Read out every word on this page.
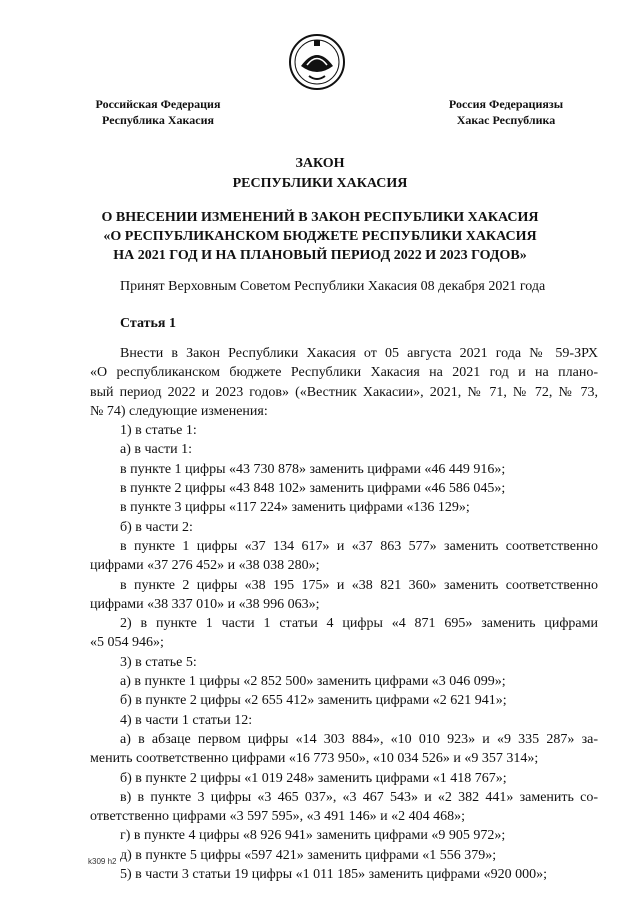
Российская Федерация
Республика Хакасия
Россия Федерациязы
Хакас Республика
ЗАКОН
РЕСПУБЛИКИ ХАКАСИЯ
О ВНЕСЕНИИ ИЗМЕНЕНИЙ В ЗАКОН РЕСПУБЛИКИ ХАКАСИЯ
«О РЕСПУБЛИКАНСКОМ БЮДЖЕТЕ РЕСПУБЛИКИ ХАКАСИЯ
НА 2021 ГОД И НА ПЛАНОВЫЙ ПЕРИОД 2022 И 2023 ГОДОВ»
Принят Верховным Советом Республики Хакасия 08 декабря 2021 года
Статья 1
Внести в Закон Республики Хакасия от 05 августа 2021 года № 59-ЗРХ
«О республиканском бюджете Республики Хакасия на 2021 год и на плано-
вый период 2022 и 2023 годов» («Вестник Хакасии», 2021, № 71, № 72, № 73,
№ 74) следующие изменения:
1) в статье 1:
а) в части 1:
в пункте 1 цифры «43 730 878» заменить цифрами «46 449 916»;
в пункте 2 цифры «43 848 102» заменить цифрами «46 586 045»;
в пункте 3 цифры «117 224» заменить цифрами «136 129»;
б) в части 2:
в пункте 1 цифры «37 134 617» и «37 863 577» заменить соответственно
цифрами «37 276 452» и «38 038 280»;
в пункте 2 цифры «38 195 175» и «38 821 360» заменить соответственно
цифрами «38 337 010» и «38 996 063»;
2) в пункте 1 части 1 статьи 4 цифры «4 871 695» заменить цифрами
«5 054 946»;
3) в статье 5:
а) в пункте 1 цифры «2 852 500» заменить цифрами «3 046 099»;
б) в пункте 2 цифры «2 655 412» заменить цифрами «2 621 941»;
4) в части 1 статьи 12:
а) в абзаце первом цифры «14 303 884», «10 010 923» и «9 335 287» за-
менить соответственно цифрами «16 773 950», «10 034 526» и «9 357 314»;
б) в пункте 2 цифры «1 019 248» заменить цифрами «1 418 767»;
в) в пункте 3 цифры «3 465 037», «3 467 543» и «2 382 441» заменить со-
ответственно цифрами «3 597 595», «3 491 146» и «2 404 468»;
г) в пункте 4 цифры «8 926 941» заменить цифрами «9 905 972»;
д) в пункте 5 цифры «597 421» заменить цифрами «1 556 379»;
5) в части 3 статьи 19 цифры «1 011 185» заменить цифрами «920 000»;
k309 h2
